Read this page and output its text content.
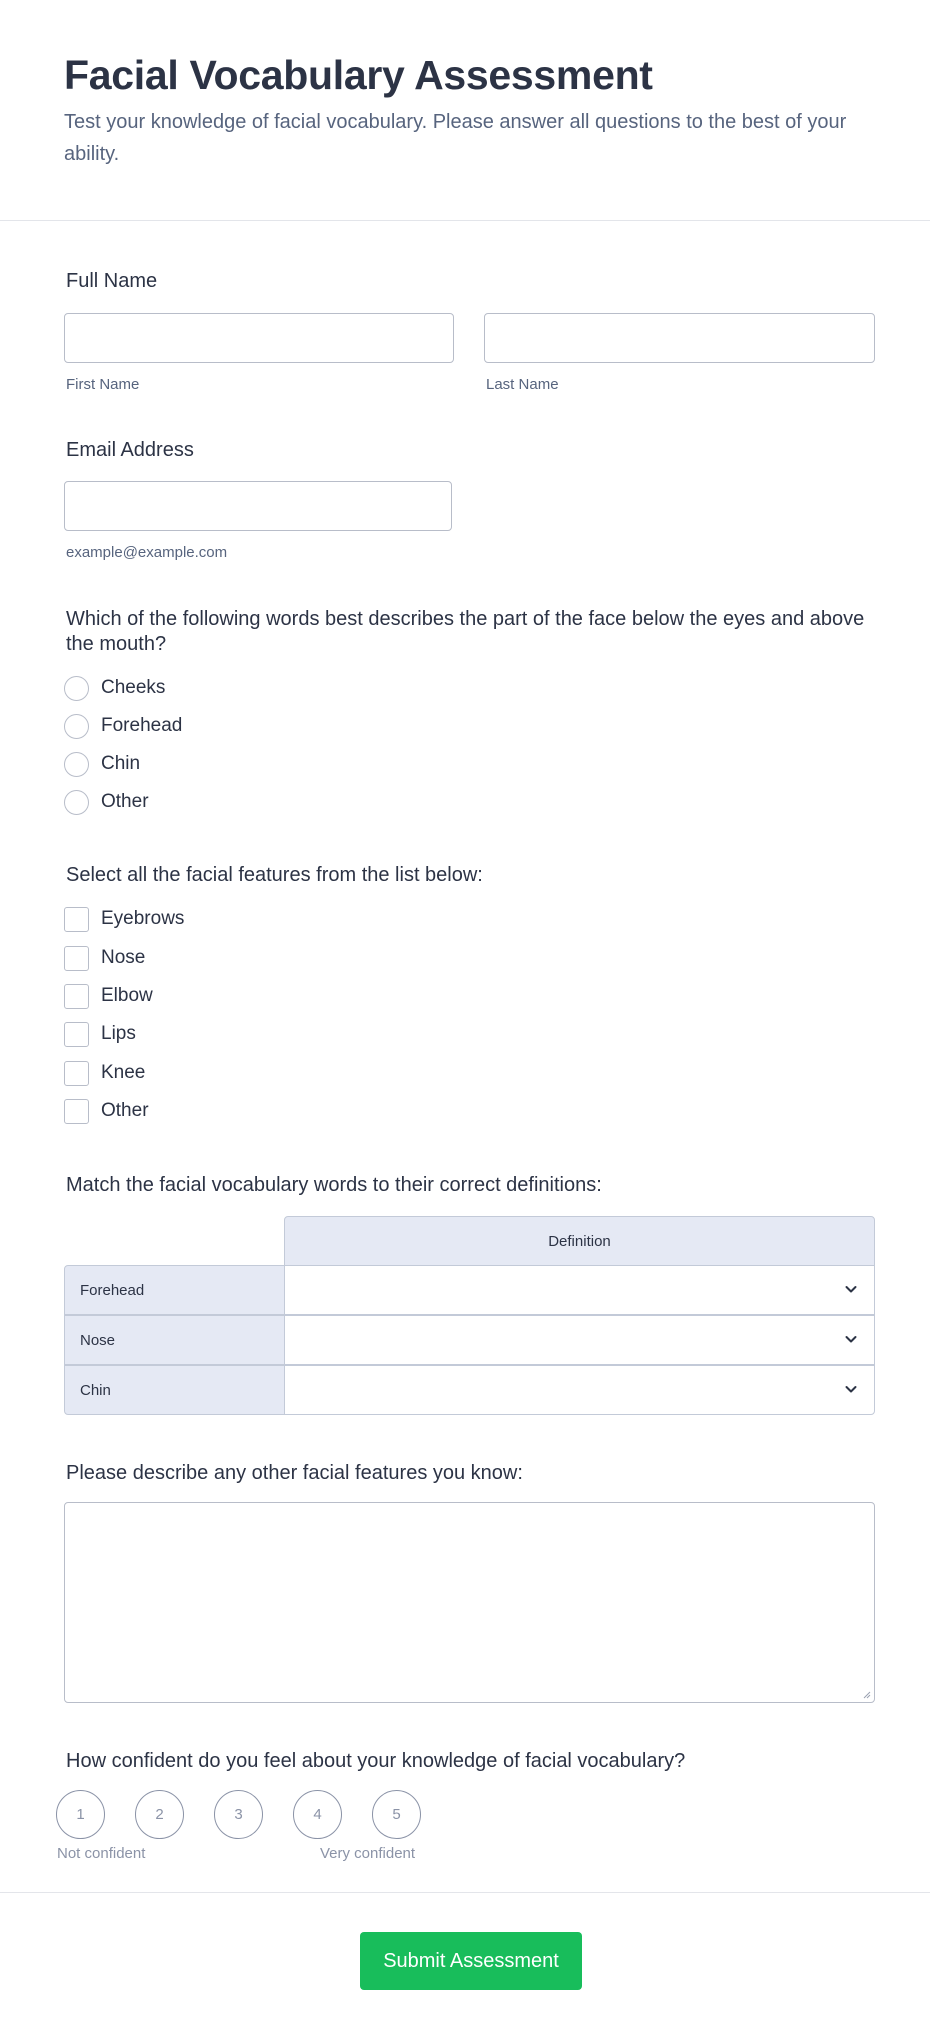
Facial Vocabulary Assessment

Test your knowledge of facial vocabulary. Please answer all questions to the best of your ability.

Full Name
First Name	Last Name
Email Address
example@example.com
Which of the following words best describes the part of the face below the eyes and above the mouth?
Cheeks
Forehead
Chin
Other
Select all the facial features from the list below:
Eyebrows
Nose
Elbow
Lips
Knee
Other
Match the facial vocabulary words to their correct definitions:
Definition
Forehead
Nose
Chin
Please describe any other facial features you know:
How confident do you feel about your knowledge of facial vocabulary?
1	2	3	4	5
Not confident	Very confident
Submit Assessment
